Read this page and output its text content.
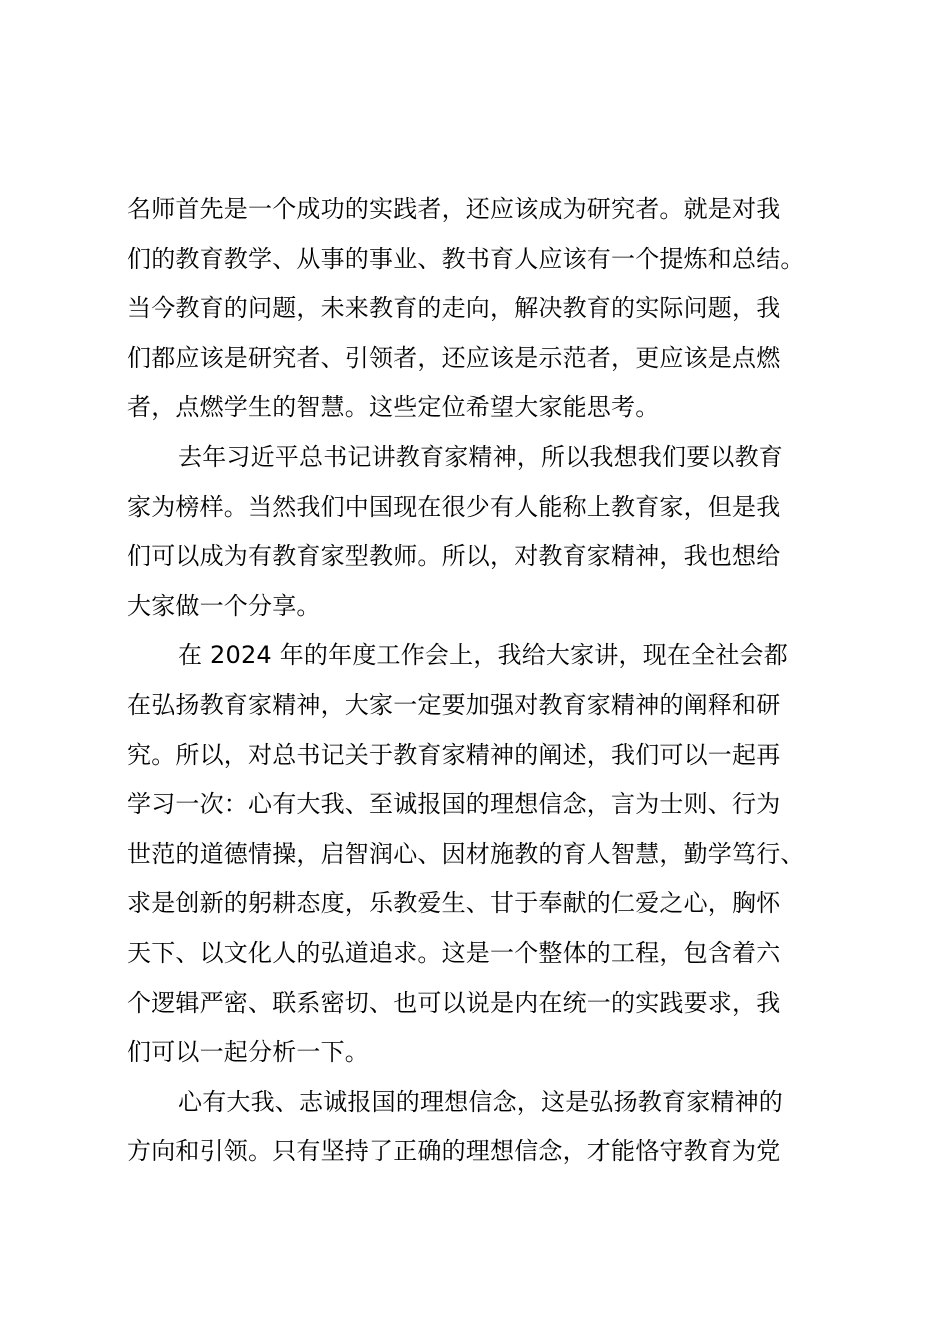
名师首先是一个成功的实践者，还应该成为研究者。就是对我
们的教育教学、从事的事业、教书育人应该有一个提炼和总结。
当今教育的问题，未来教育的走向，解决教育的实际问题，我
们都应该是研究者、引领者，还应该是示范者，更应该是点燃
者，点燃学生的智慧。这些定位希望大家能思考。
去年习近平总书记讲教育家精神，所以我想我们要以教育
家为榜样。当然我们中国现在很少有人能称上教育家，但是我
们可以成为有教育家型教师。所以，对教育家精神，我也想给
大家做一个分享。
在 2024 年的年度工作会上，我给大家讲，现在全社会都
在弘扬教育家精神，大家一定要加强对教育家精神的阐释和研
究。所以，对总书记关于教育家精神的阐述，我们可以一起再
学习一次：心有大我、至诚报国的理想信念，言为士则、行为
世范的道德情操，启智润心、因材施教的育人智慧，勤学笃行、
求是创新的躬耕态度，乐教爱生、甘于奉献的仁爱之心，胸怀
天下、以文化人的弘道追求。这是一个整体的工程，包含着六
个逻辑严密、联系密切、也可以说是内在统一的实践要求，我
们可以一起分析一下。
心有大我、志诚报国的理想信念，这是弘扬教育家精神的
方向和引领。只有坚持了正确的理想信念，才能恪守教育为党
